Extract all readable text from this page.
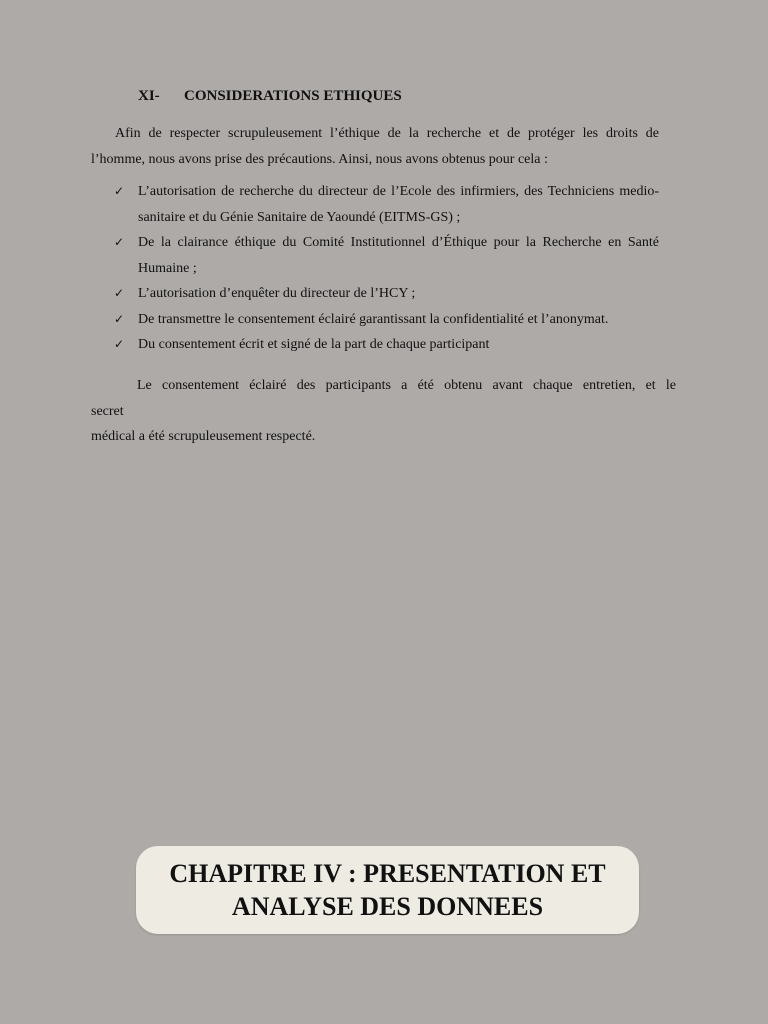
XI- CONSIDERATIONS ETHIQUES
Afin de respecter scrupuleusement l’éthique de la recherche et de protéger les droits de l’homme, nous avons prise des précautions. Ainsi, nous avons obtenus pour cela :
✓ L’autorisation de recherche du directeur de l’Ecole des infirmiers, des Techniciens medio-sanitaire et du Génie Sanitaire de Yaoundé (EITMS-GS) ;
✓ De la clairance éthique du Comité Institutionnel d’Éthique pour la Recherche en Santé Humaine ;
✓ L’autorisation d’enquêter du directeur de l’HCY ;
✓ De transmettre le consentement éclairé garantissant la confidentialité et l’anonymat.
✓ Du consentement écrit et signé de la part de chaque participant
Le consentement éclairé des participants a été obtenu avant chaque entretien, et le
secret
médical a été scrupuleusement respecté.
CHAPITRE IV : PRESENTATION ET
ANALYSE DES DONNEES
